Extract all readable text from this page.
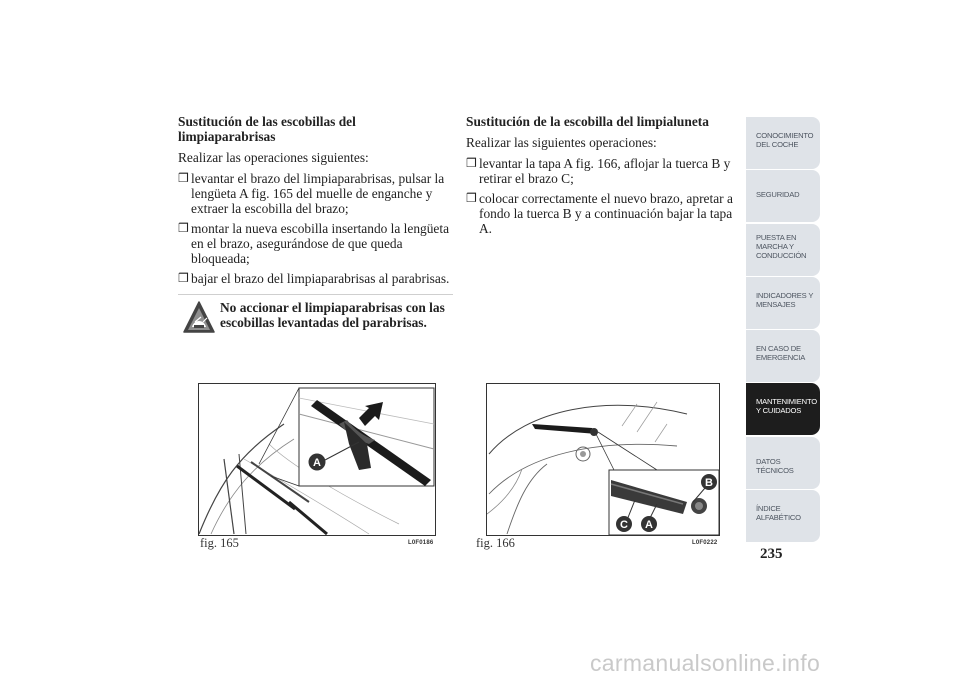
Sustitución de las escobillas del limpiaparabrisas
Realizar las operaciones siguientes:
❒ levantar el brazo del limpiaparabrisas, pulsar la lengüeta A fig. 165 del muelle de enganche y extraer la escobilla del brazo;
❒ montar la nueva escobilla insertando la lengüeta en el brazo, asegurándose de que queda bloqueada;
❒ bajar el brazo del limpiaparabrisas al parabrisas.
No accionar el limpiaparabrisas con las escobillas levantadas del parabrisas.
Sustitución de la escobilla del limpialuneta
Realizar las siguientes operaciones:
❒ levantar la tapa A fig. 166, aflojar la tuerca B y retirar el brazo C;
❒ colocar correctamente el nuevo brazo, apretar a fondo la tuerca B y a continuación bajar la tapa A.
A
fig. 165	L0F0186
B
C A
fig. 166	L0F0222
CONOCIMIENTO
DEL COCHE
SEGURIDAD
PUESTA EN
MARCHA Y
CONDUCCIÓN
INDICADORES Y
MENSAJES
EN CASO DE
EMERGENCIA
MANTENIMIENTO
Y CUIDADOS
DATOS TÉCNICOS
ÍNDICE
ALFABÉTICO
235
carmanualsonline.info
